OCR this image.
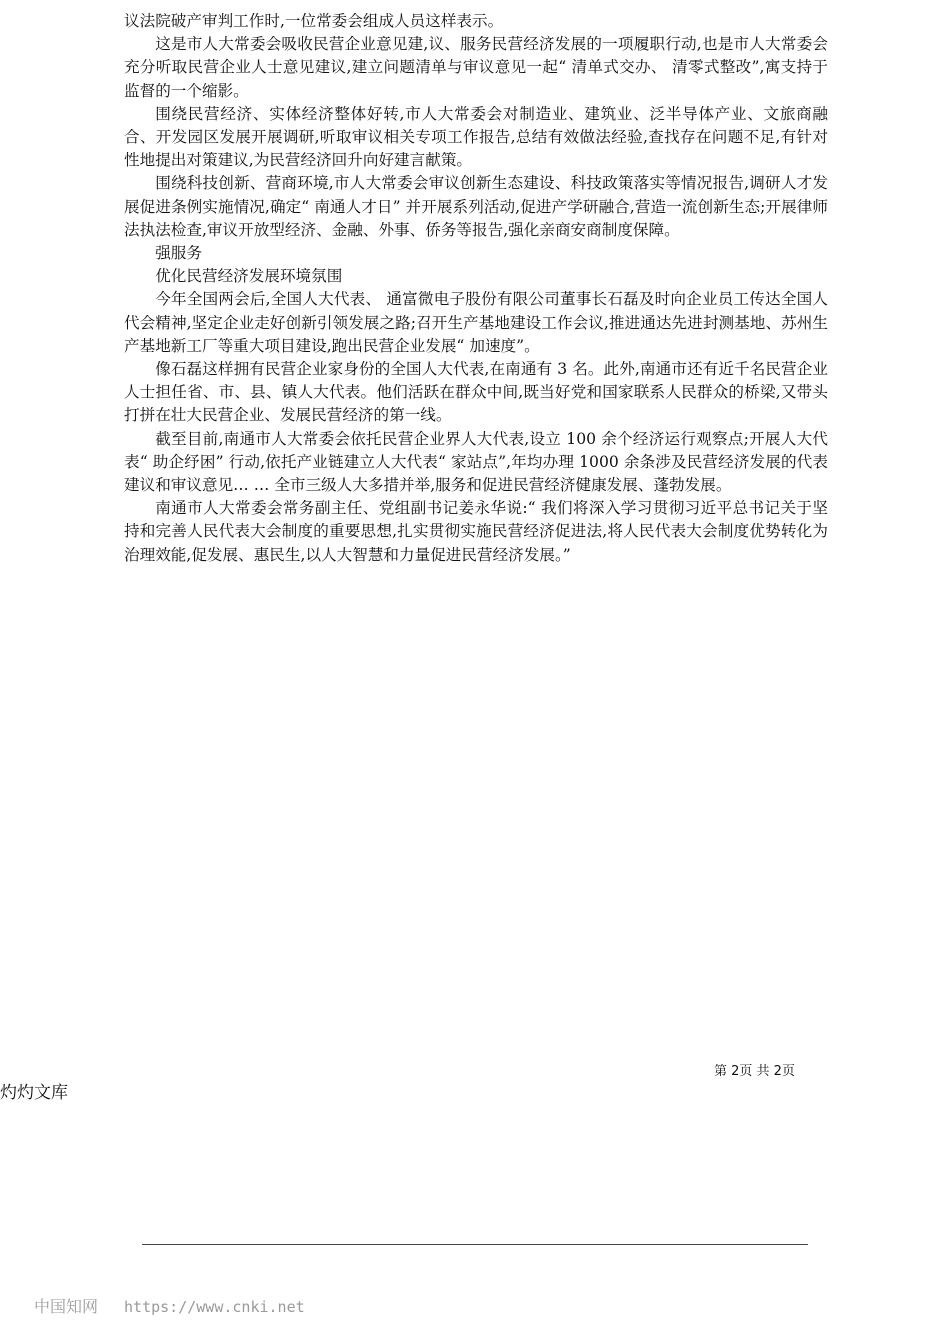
议法院破产审判工作时,一位常委会组成人员这样表示。

这是市人大常委会吸收民营企业意见建,议、服务民营经济发展的一项履职行动,也是市人大常委会充分听取民营企业人士意见建议,建立问题清单与审议意见一起“ 清单式交办、 清零式整改”,寓支持于监督的一个缩影。

围绕民营经济、实体经济整体好转,市人大常委会对制造业、建筑业、泛半导体产业、文旅商融合、开发园区发展开展调研,听取审议相关专项工作报告,总结有效做法经验,查找存在问题不足,有针对性地提出对策建议,为民营经济回升向好建言献策。

围绕科技创新、营商环境,市人大常委会审议创新生态建设、科技政策落实等情况报告,调研人才发展促进条例实施情况,确定“ 南通人才日” 并开展系列活动,促进产学研融合,营造一流创新生态;开展律师法执法检查,审议开放型经济、金融、外事、侨务等报告,强化亲商安商制度保障。

强服务

优化民营经济发展环境氛围

今年全国两会后,全国人大代表、 通富微电子股份有限公司董事长石磊及时向企业员工传达全国人代会精神,坚定企业走好创新引领发展之路;召开生产基地建设工作会议,推进通达先进封测基地、苏州生产基地新工厂等重大项目建设,跑出民营企业发展“ 加速度”。

像石磊这样拥有民营企业家身份的全国人大代表,在南通有 3 名。此外,南通市还有近千名民营企业人士担任省、市、县、镇人大代表。他们活跃在群众中间,既当好党和国家联系人民群众的桥梁,又带头打拼在壮大民营企业、发展民营经济的第一线。

截至目前,南通市人大常委会依托民营企业界人大代表,设立 100 余个经济运行观察点;开展人大代表“ 助企纾困” 行动,依托产业链建立人大代表“ 家站点”,年均办理 1000 余条涉及民营经济发展的代表建议和审议意见… … 全市三级人大多措并举,服务和促进民营经济健康发展、蓬勃发展。

南通市人大常委会常务副主任、党组副书记姜永华说:“ 我们将深入学习贯彻习近平总书记关于坚持和完善人民代表大会制度的重要思想,扎实贯彻实施民营经济促进法,将人民代表大会制度优势转化为治理效能,促发展、惠民生,以人大智慧和力量促进民营经济发展。”

第 2页 共 2页
灼灼文库
中国知网 https://www.cnki.net
